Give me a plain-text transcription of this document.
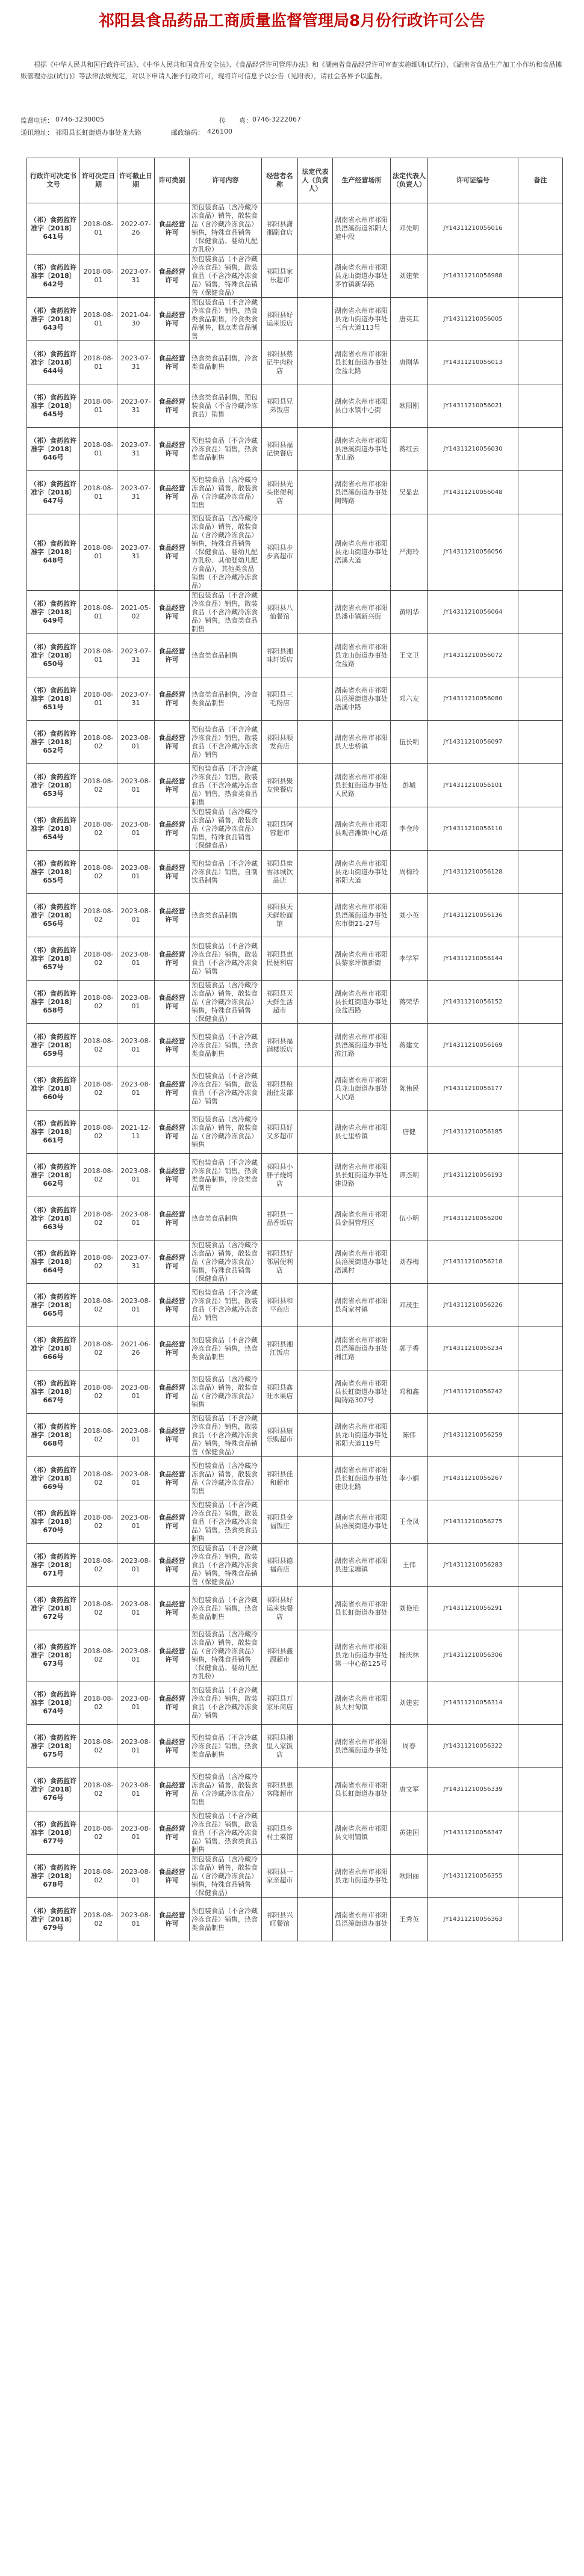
祁阳县食品药品工商质量监督管理局8月份行政许可公告
根据《中华人民共和国行政许可法》、《中华人民共和国食品安全法》、《食品经营许可管理办法》和《湖南省食品经营许可审查实施细则(试行)》、《湖南省食品生产加工小作坊和食品摊贩管理办法(试行)》等法律法规规定，对以下申请人准予行政许可，现将许可信息予以公告（见附表），请社会各界予以监督。
监督电话： 0746-3230005	传　　真： 0746-3222067
通讯地址： 祁阳县长虹街道办事处龙大路	邮政编码： 426100
行政许可决定书文号	许可决定日期	许可截止日期	许可类别	许可内容	经营者名称	法定代表人（负责人）	生产经营场所	法定代表人（负责人）	许可证编号	备注
（祁）食药监许准字〔2018〕641号	2018-08-01	2022-07-26	食品经营许可	预包装食品（含冷藏冷冻食品）销售，散装食品（含冷藏冷冻食品）销售，特殊食品销售（保健食品、婴幼儿配方乳粉）	祁阳县潇湘副食店		湖南省永州市祁阳县浯溪街道祁阳大道中段	邓先明	JY14311210056016	
（祁）食药监许准字〔2018〕642号	2018-08-01	2023-07-31	食品经营许可	预包装食品（不含冷藏冷冻食品）销售，散装食品（不含冷藏冷冻食品）销售，特殊食品销售（保健食品）	祁阳县家乐超市		湖南省永州市祁阳县龙山街道办事处茅竹镇新华路	刘建荣	JY14311210056988	
（祁）食药监许准字〔2018〕643号	2018-08-01	2021-04-30	食品经营许可	预包装食品（不含冷藏冷冻食品）销售，热食类食品制售，冷食类食品制售，糕点类食品制售	祁阳县好运来饭店		湖南省永州市祁阳县龙山街道办事处三台大道113号	唐英其	JY14311210056005	
（祁）食药监许准字〔2018〕644号	2018-08-01	2023-07-31	食品经营许可	热食类食品制售，冷食类食品制售	祁阳县蔡记牛肉粉店		湖南省永州市祁阳县长虹街道办事处金盆北路	唐刚华	JY14311210056013	
（祁）食药监许准字〔2018〕645号	2018-08-01	2023-07-31	食品经营许可	热食类食品制售，预包装食品（不含冷藏冷冻食品）销售	祁阳县兄弟饭店		湖南省永州市祁阳县白水镇中心街	欧阳刚	JY14311210056021	
（祁）食药监许准字〔2018〕646号	2018-08-01	2023-07-31	食品经营许可	预包装食品（不含冷藏冷冻食品）销售，热食类食品制售	祁阳县福记快餐店		湖南省永州市祁阳县浯溪街道办事处龙山路	蒋红云	JY14311210056030	
（祁）食药监许准字〔2018〕647号	2018-08-01	2023-07-31	食品经营许可	预包装食品（含冷藏冷冻食品）销售，散装食品（含冷藏冷冻食品）销售	祁阳县光头佬便利店		湖南省永州市祁阳县浯溪街道办事处陶铸路	吴显忠	JY14311210056048	
（祁）食药监许准字〔2018〕648号	2018-08-01	2023-07-31	食品经营许可	预包装食品（含冷藏冷冻食品）销售，散装食品（含冷藏冷冻食品）销售，特殊食品销售（保健食品、婴幼儿配方乳粉、其他婴幼儿配方食品），其他类食品销售（不含冷藏冷冻食品）	祁阳县步步高超市		湖南省永州市祁阳县龙山街道办事处浯溪大道	严海玲	JY14311210056056	
（祁）食药监许准字〔2018〕649号	2018-08-01	2021-05-02	食品经营许可	预包装食品（不含冷藏冷冻食品）销售，散装食品（不含冷藏冷冻食品）销售，热食类食品制售	祁阳县八仙餐馆		湖南省永州市祁阳县潘市镇新兴街	黄明华	JY14311210056064	
（祁）食药监许准字〔2018〕650号	2018-08-01	2023-07-31	食品经营许可	热食类食品制售	祁阳县湘味轩饭店		湖南省永州市祁阳县龙山街道办事处金盆路	王文卫	JY14311210056072	
（祁）食药监许准字〔2018〕651号	2018-08-01	2023-07-31	食品经营许可	热食类食品制售，冷食类食品制售	祁阳县三毛粉店		湖南省永州市祁阳县浯溪街道办事处浯溪中路	邓六友	JY14311210056080	
（祁）食药监许准字〔2018〕652号	2018-08-02	2023-08-01	食品经营许可	预包装食品（不含冷藏冷冻食品）销售，散装食品（不含冷藏冷冻食品）销售	祁阳县顺发商店		湖南省永州市祁阳县大忠桥镇	伍长明	JY14311210056097	
（祁）食药监许准字〔2018〕653号	2018-08-02	2023-08-01	食品经营许可	预包装食品（不含冷藏冷冻食品）销售，散装食品（不含冷藏冷冻食品）销售，热食类食品制售	祁阳县聚友快餐店		湖南省永州市祁阳县长虹街道办事处人民路	彭城	JY14311210056101	
（祁）食药监许准字〔2018〕654号	2018-08-02	2023-08-01	食品经营许可	预包装食品（含冷藏冷冻食品）销售，散装食品（含冷藏冷冻食品）销售，特殊食品销售（保健食品）	祁阳县阿蓉超市		湖南省永州市祁阳县观音滩镇中心路	李金玲	JY14311210056110	
（祁）食药监许准字〔2018〕655号	2018-08-02	2023-08-01	食品经营许可	预包装食品（不含冷藏冷冻食品）销售，自制饮品制售	祁阳县蜜雪冰城饮品店		湖南省永州市祁阳县龙山街道办事处祁阳大道	周梅玲	JY14311210056128	
（祁）食药监许准字〔2018〕656号	2018-08-02	2023-08-01	食品经营许可	热食类食品制售	祁阳县天天鲜粉面馆		湖南省永州市祁阳县浯溪街道办事处东市街21-27号	刘小英	JY14311210056136	
（祁）食药监许准字〔2018〕657号	2018-08-02	2023-08-01	食品经营许可	预包装食品（不含冷藏冷冻食品）销售，散装食品（不含冷藏冷冻食品）销售	祁阳县惠民便利店		湖南省永州市祁阳县黎家坪镇新街	李学军	JY14311210056144	
（祁）食药监许准字〔2018〕658号	2018-08-02	2023-08-01	食品经营许可	预包装食品（含冷藏冷冻食品）销售，散装食品（含冷藏冷冻食品）销售，特殊食品销售（保健食品）	祁阳县天天鲜生活超市		湖南省永州市祁阳县长虹街道办事处金盆西路	蒋荣华	JY14311210056152	
（祁）食药监许准字〔2018〕659号	2018-08-02	2023-08-01	食品经营许可	预包装食品（不含冷藏冷冻食品）销售，热食类食品制售	祁阳县福满楼饭店		湖南省永州市祁阳县浯溪街道办事处滨江路	蒋建文	JY14311210056169	
（祁）食药监许准字〔2018〕660号	2018-08-02	2023-08-01	食品经营许可	预包装食品（不含冷藏冷冻食品）销售，散装食品（不含冷藏冷冻食品）销售	祁阳县粮油批发部		湖南省永州市祁阳县龙山街道办事处人民路	陈伟民	JY14311210056177	
（祁）食药监许准字〔2018〕661号	2018-08-02	2021-12-11	食品经营许可	预包装食品（含冷藏冷冻食品）销售，散装食品（含冷藏冷冻食品）销售	祁阳县好又多超市		湖南省永州市祁阳县七里桥镇	唐健	JY14311210056185	
（祁）食药监许准字〔2018〕662号	2018-08-02	2023-08-01	食品经营许可	预包装食品（不含冷藏冷冻食品）销售，热食类食品制售，冷食类食品制售	祁阳县小胖子烧烤店		湖南省永州市祁阳县长虹街道办事处建设路	谭杰明	JY14311210056193	
（祁）食药监许准字〔2018〕663号	2018-08-02	2023-08-01	食品经营许可	热食类食品制售	祁阳县一品香饭店		湖南省永州市祁阳县金洞管理区	伍小明	JY14311210056200	
（祁）食药监许准字〔2018〕664号	2018-08-02	2023-07-31	食品经营许可	预包装食品（含冷藏冷冻食品）销售，散装食品（含冷藏冷冻食品）销售，特殊食品销售（保健食品）	祁阳县好邻居便利店		湖南省永州市祁阳县浯溪街道办事处浯溪村	刘春梅	JY14311210056218	
（祁）食药监许准字〔2018〕665号	2018-08-02	2023-08-01	食品经营许可	预包装食品（不含冷藏冷冻食品）销售，散装食品（不含冷藏冷冻食品）销售	祁阳县和平商店		湖南省永州市祁阳县肖家村镇	邓茂生	JY14311210056226	
（祁）食药监许准字〔2018〕666号	2018-08-02	2021-06-26	食品经营许可	预包装食品（不含冷藏冷冻食品）销售，热食类食品制售	祁阳县湘江饭店		湖南省永州市祁阳县浯溪街道办事处湘江路	郭子香	JY14311210056234	
（祁）食药监许准字〔2018〕667号	2018-08-02	2023-08-01	食品经营许可	预包装食品（含冷藏冷冻食品）销售，散装食品（含冷藏冷冻食品）销售	祁阳县鑫旺水果店		湖南省永州市祁阳县长虹街道办事处陶铸路307号	邓和鑫	JY14311210056242	
（祁）食药监许准字〔2018〕668号	2018-08-02	2023-08-01	食品经营许可	预包装食品（不含冷藏冷冻食品）销售，散装食品（不含冷藏冷冻食品）销售，特殊食品销售（保健食品）	祁阳县康乐购超市		湖南省永州市祁阳县龙山街道办事处祁阳大道119号	陈伟	JY14311210056259	
（祁）食药监许准字〔2018〕669号	2018-08-02	2023-08-01	食品经营许可	预包装食品（含冷藏冷冻食品）销售，散装食品（含冷藏冷冻食品）销售	祁阳县佳和超市		湖南省永州市祁阳县长虹街道办事处建设北路	李小娟	JY14311210056267	
（祁）食药监许准字〔2018〕670号	2018-08-02	2023-08-01	食品经营许可	预包装食品（不含冷藏冷冻食品）销售，散装食品（不含冷藏冷冻食品）销售，热食类食品制售	祁阳县金福饭庄		湖南省永州市祁阳县浯溪街道办事处	王金凤	JY14311210056275	
（祁）食药监许准字〔2018〕671号	2018-08-02	2023-08-01	食品经营许可	预包装食品（不含冷藏冷冻食品）销售，散装食品（不含冷藏冷冻食品）销售，特殊食品销售（保健食品）	祁阳县德福商店		湖南省永州市祁阳县进宝塘镇	王伟	JY14311210056283	
（祁）食药监许准字〔2018〕672号	2018-08-02	2023-08-01	食品经营许可	预包装食品（不含冷藏冷冻食品）销售，热食类食品制售	祁阳县好运来快餐店		湖南省永州市祁阳县长虹街道办事处	刘艳艳	JY14311210056291	
（祁）食药监许准字〔2018〕673号	2018-08-02	2023-08-01	食品经营许可	预包装食品（含冷藏冷冻食品）销售，散装食品（含冷藏冷冻食品）销售，特殊食品销售（保健食品、婴幼儿配方乳粉）	祁阳县鑫源超市		湖南省永州市祁阳县龙山街道办事处第一中心路125号	杨庆林	JY14311210056306	
（祁）食药监许准字〔2018〕674号	2018-08-02	2023-08-01	食品经营许可	预包装食品（不含冷藏冷冻食品）销售，散装食品（不含冷藏冷冻食品）销售	祁阳县万家乐商店		湖南省永州市祁阳县大村甸镇	刘建宏	JY14311210056314	
（祁）食药监许准字〔2018〕675号	2018-08-02	2023-08-01	食品经营许可	预包装食品（不含冷藏冷冻食品）销售，热食类食品制售	祁阳县湘里人家饭店		湖南省永州市祁阳县浯溪街道办事处	周春	JY14311210056322	
（祁）食药监许准字〔2018〕676号	2018-08-02	2023-08-01	食品经营许可	预包装食品（含冷藏冷冻食品）销售，散装食品（含冷藏冷冻食品）销售	祁阳县惠客隆超市		湖南省永州市祁阳县长虹街道办事处	唐文军	JY14311210056339	
（祁）食药监许准字〔2018〕677号	2018-08-02	2023-08-01	食品经营许可	预包装食品（不含冷藏冷冻食品）销售，散装食品（不含冷藏冷冻食品）销售，热食类食品制售	祁阳县乡村土菜馆		湖南省永州市祁阳县文明铺镇	黄建国	JY14311210056347	
（祁）食药监许准字〔2018〕678号	2018-08-02	2023-08-01	食品经营许可	预包装食品（含冷藏冷冻食品）销售，散装食品（含冷藏冷冻食品）销售，特殊食品销售（保健食品）	祁阳县一家亲超市		湖南省永州市祁阳县龙山街道办事处	欧阳丽	JY14311210056355	
（祁）食药监许准字〔2018〕679号	2018-08-02	2023-08-01	食品经营许可	预包装食品（不含冷藏冷冻食品）销售，热食类食品制售	祁阳县兴旺餐馆		湖南省永州市祁阳县浯溪街道办事处	王秀英	JY14311210056363	
